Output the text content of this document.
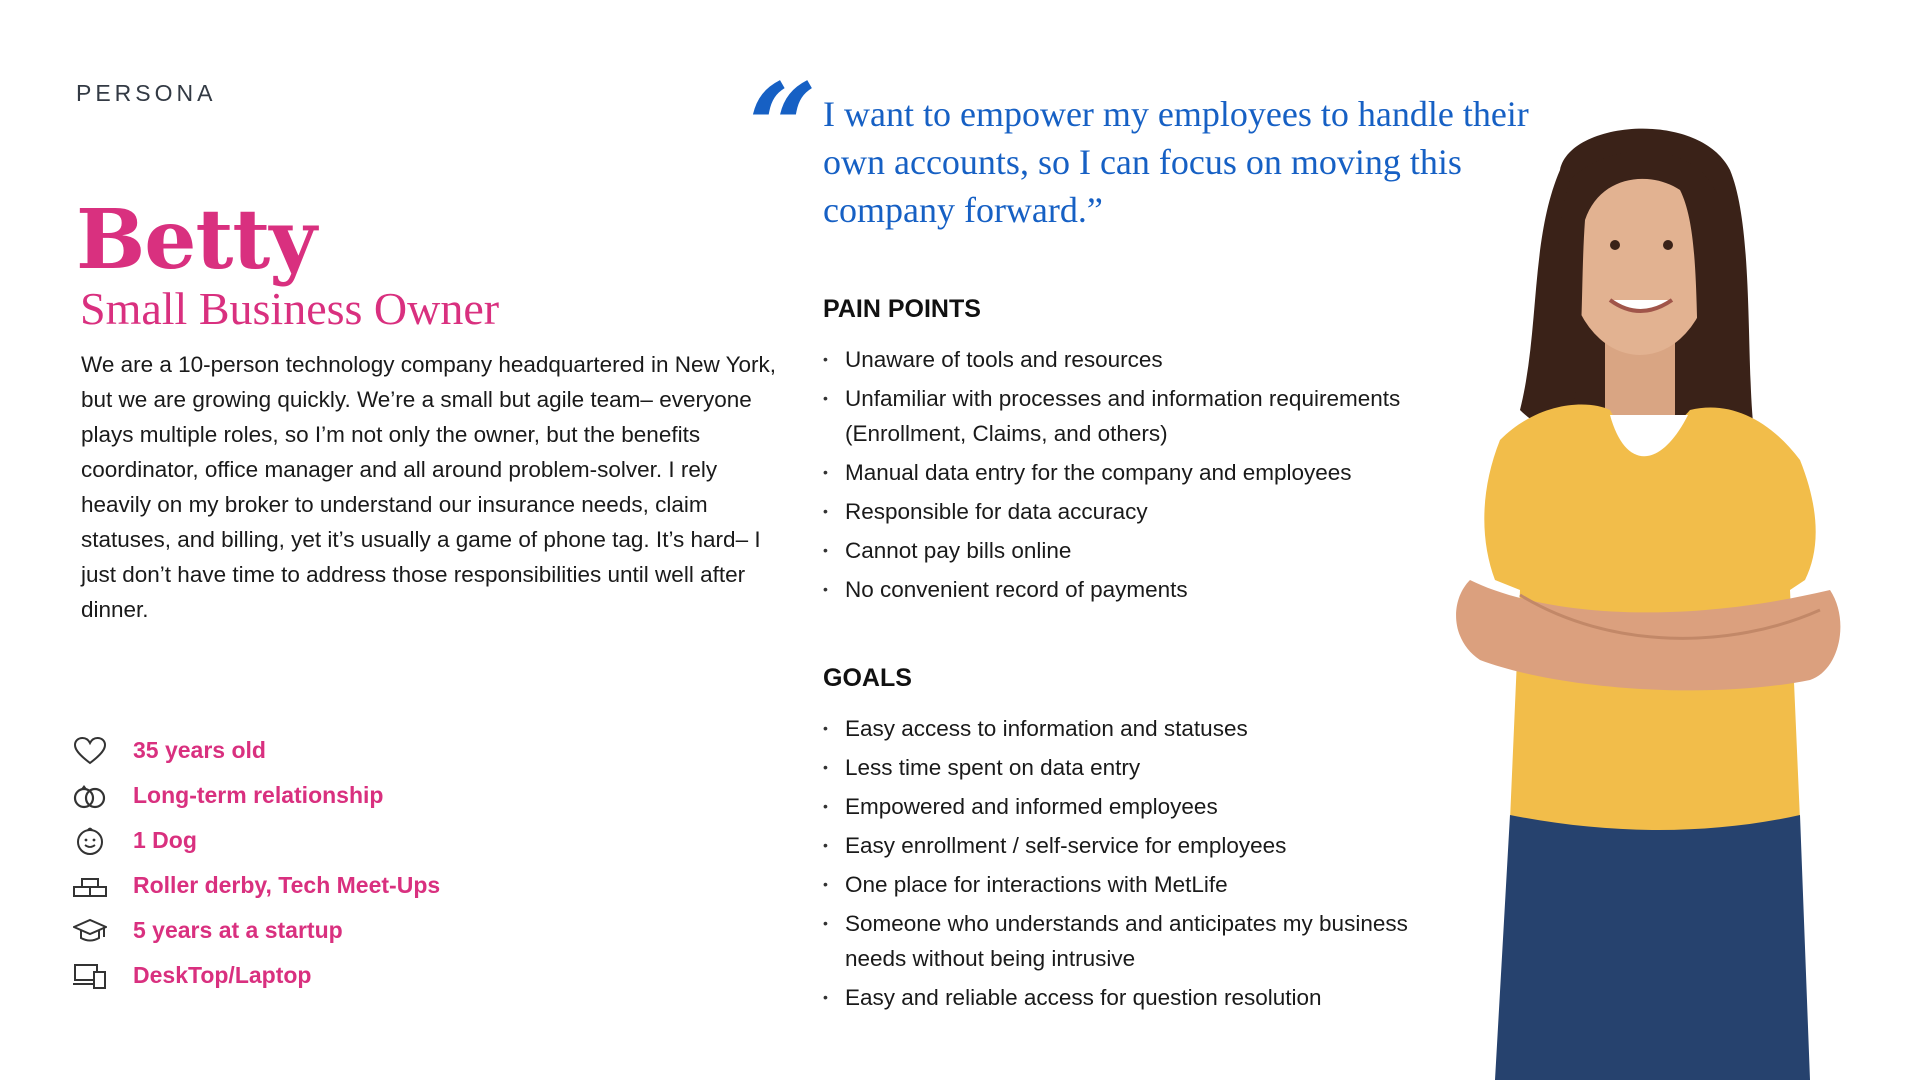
PERSONA
Betty
Small Business Owner

We are a 10-person technology company headquartered in New York, but we are growing quickly. We’re a small but agile team– everyone plays multiple roles, so I’m not only the owner, but the benefits coordinator, office manager and all around problem-solver. I rely heavily on my broker to understand our insurance needs, claim statuses, and billing, yet it’s usually a game of phone tag. It’s hard– I just don’t have time to address those responsibilities until well after dinner.

35 years old
Long-term relationship
1 Dog
Roller derby, Tech Meet-Ups
5 years at a startup
DeskTop/Laptop
“ I want to empower my employees to handle their own accounts, so I can focus on moving this company forward.”

PAIN POINTS
• Unaware of tools and resources
• Unfamiliar with processes and information requirements (Enrollment, Claims, and others)
• Manual data entry for the company and employees
• Responsible for data accuracy
• Cannot pay bills online
• No convenient record of payments
GOALS
• Easy access to information and statuses
• Less time spent on data entry
• Empowered and informed employees
• Easy enrollment / self-service for employees
• One place for interactions with MetLife
• Someone who understands and anticipates my business needs without being intrusive
• Easy and reliable access for question resolution
